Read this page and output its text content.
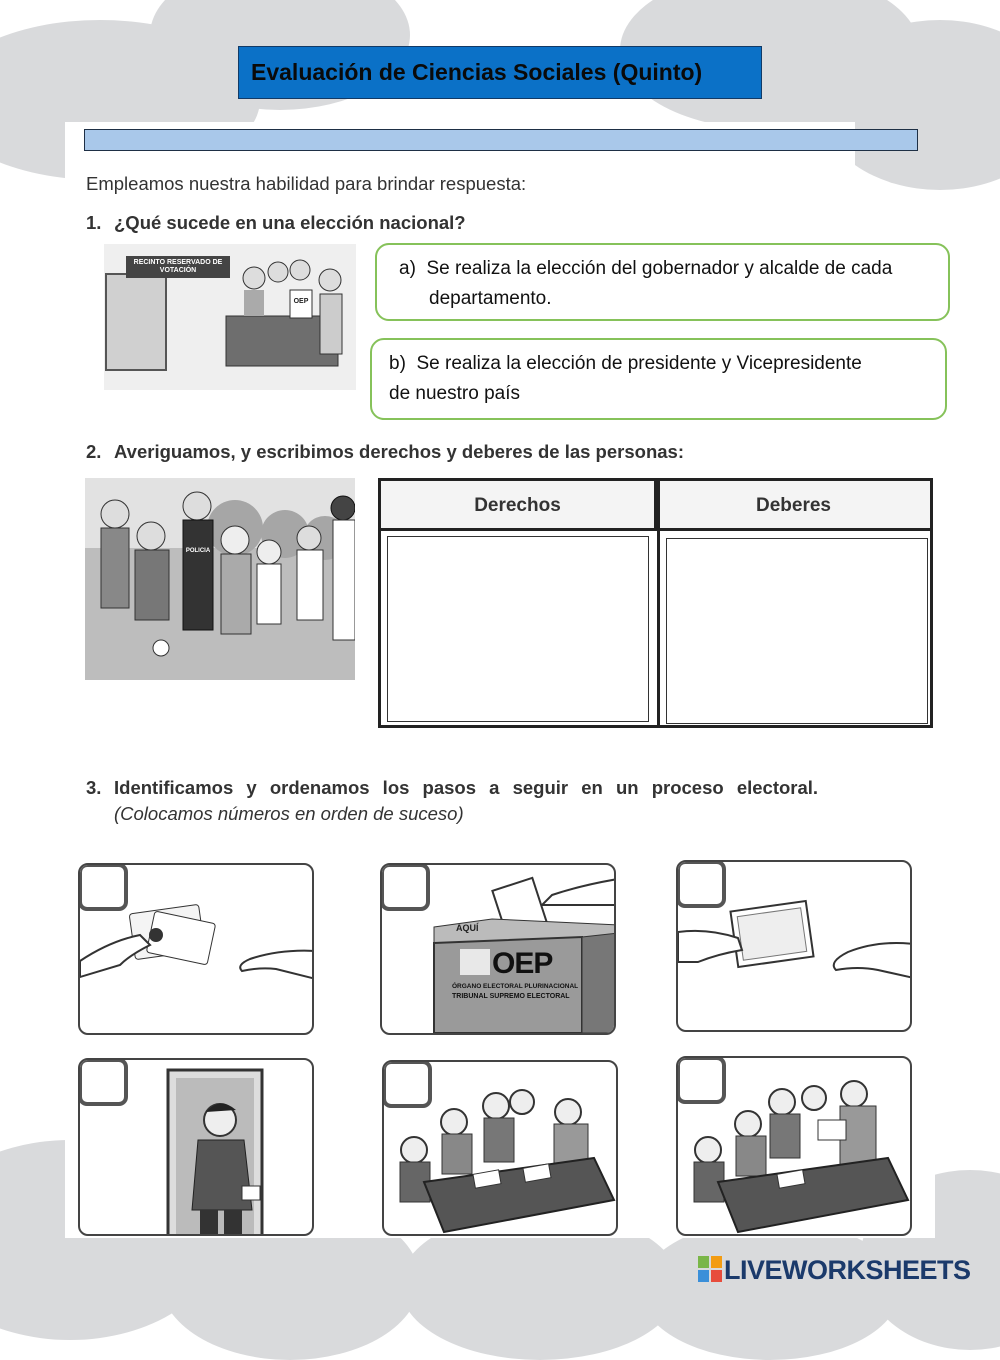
Evaluación de Ciencias Sociales (Quinto)
Empleamos nuestra habilidad para brindar respuesta:
1. ¿Qué sucede en una elección nacional?
RECINTO RESERVADO DE VOTACIÓN
OEP
a) Se realiza la elección del gobernador y alcalde de cada
departamento.
b) Se realiza la elección de presidente y Vicepresidente
de nuestro país
2. Averiguamos, y escribimos derechos y deberes de las personas:
POLICIA
Derechos	Deberes
3. Identificamos y ordenamos los pasos a seguir en un proceso electoral.
(Colocamos números en orden de suceso)
AQUÍ
OEP
ÓRGANO ELECTORAL PLURINACIONAL
TRIBUNAL SUPREMO ELECTORAL
LIVEWORKSHEETS
